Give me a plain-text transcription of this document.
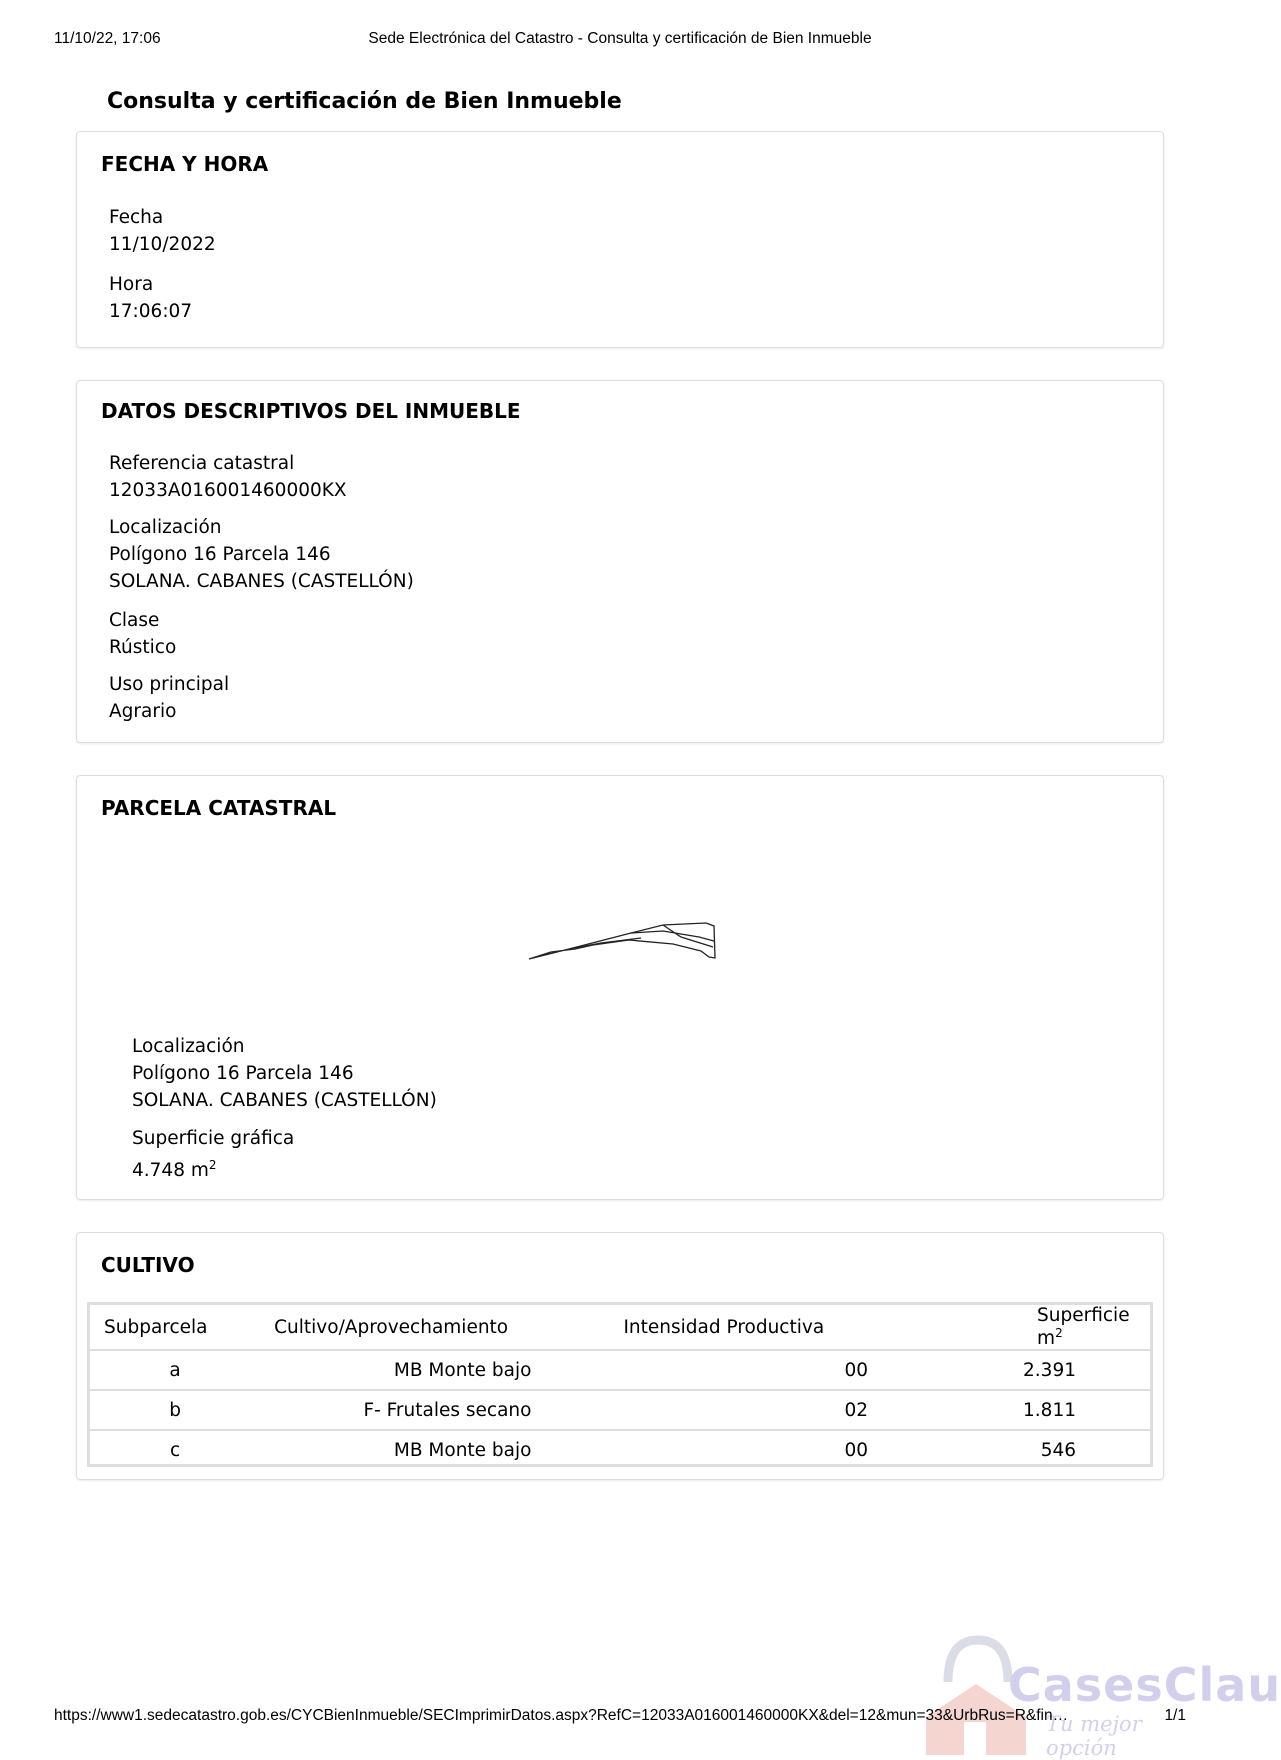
11/10/22, 17:06	Sede Electrónica del Catastro - Consulta y certificación de Bien Inmueble
Consulta y certificación de Bien Inmueble
FECHA Y HORA
Fecha
11/10/2022
Hora
17:06:07
DATOS DESCRIPTIVOS DEL INMUEBLE
Referencia catastral
12033A016001460000KX
Localización
Polígono 16 Parcela 146
SOLANA. CABANES (CASTELLÓN)
Clase
Rústico
Uso principal
Agrario
PARCELA CATASTRAL
Localización
Polígono 16 Parcela 146
SOLANA. CABANES (CASTELLÓN)
Superficie gráfica
4.748 $m^2$
CULTIVO
Subparcela	Cultivo/Aprovechamiento	Intensidad Productiva	Superficie $m^2$
a	MB Monte bajo	00	2.391
b	F- Frutales secano	02	1.811
c	MB Monte bajo	00	546
CasesClau
Tu mejor opción
https://www1.sedecatastro.gob.es/CYCBienInmueble/SECImprimirDatos.aspx?RefC=12033A016001460000KX&del=12&mun=33&UrbRus=R&fin…	1/1
